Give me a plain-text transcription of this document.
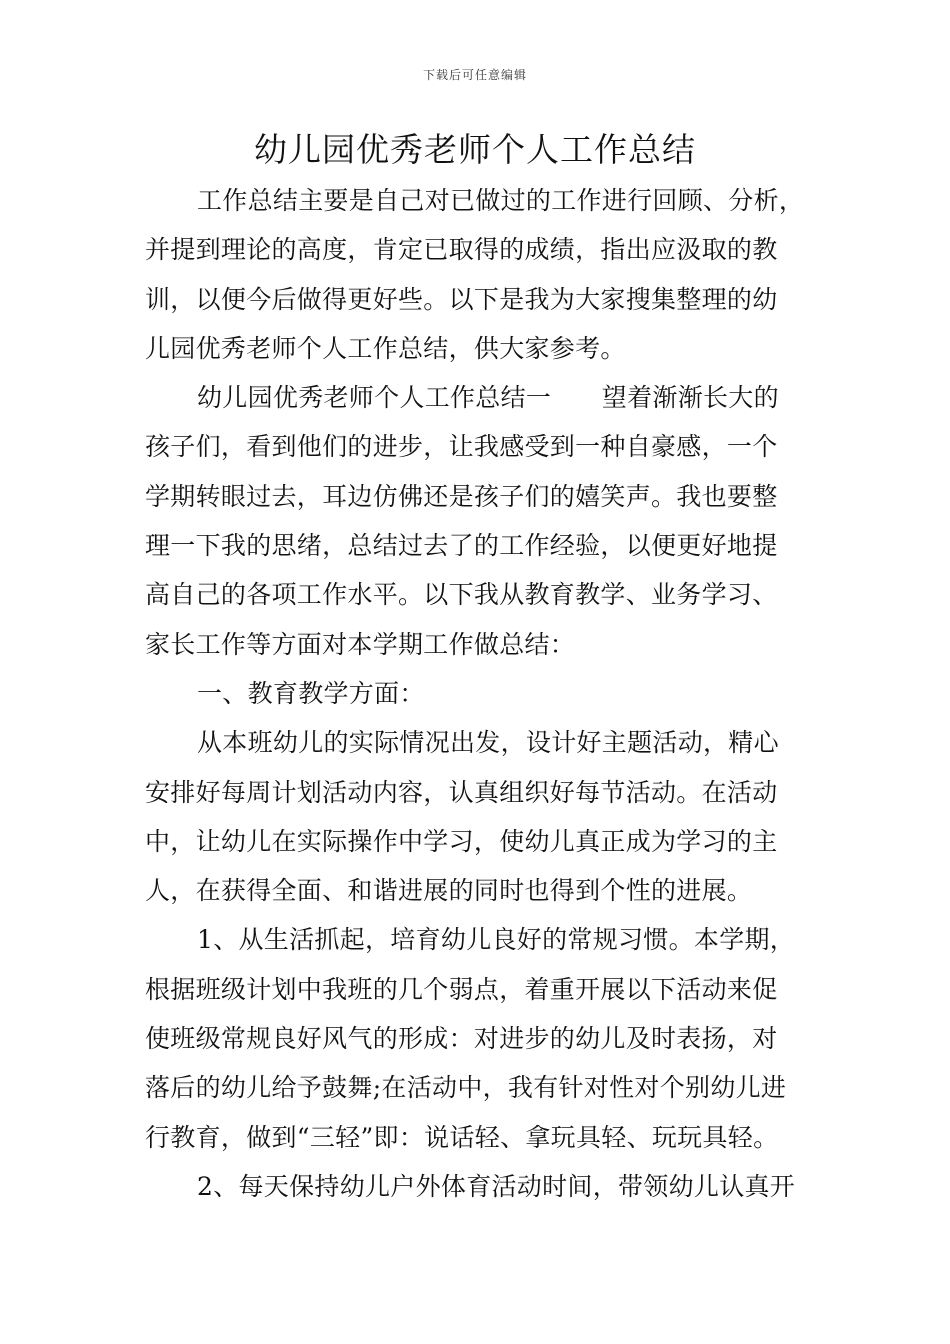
下载后可任意编辑
幼儿园优秀老师个人工作总结
工作总结主要是自己对已做过的工作进行回顾、分析，
并提到理论的高度，肯定已取得的成绩，指出应汲取的教
训，以便今后做得更好些。以下是我为大家搜集整理的幼
儿园优秀老师个人工作总结，供大家参考。
幼儿园优秀老师个人工作总结一　　望着渐渐长大的
孩子们，看到他们的进步，让我感受到一种自豪感，一个
学期转眼过去，耳边仿佛还是孩子们的嬉笑声。我也要整
理一下我的思绪，总结过去了的工作经验，以便更好地提
高自己的各项工作水平。以下我从教育教学、业务学习、
家长工作等方面对本学期工作做总结：
一、教育教学方面：
从本班幼儿的实际情况出发，设计好主题活动，精心
安排好每周计划活动内容，认真组织好每节活动。在活动
中，让幼儿在实际操作中学习，使幼儿真正成为学习的主
人，在获得全面、和谐进展的同时也得到个性的进展。
1、从生活抓起，培育幼儿良好的常规习惯。本学期，
根据班级计划中我班的几个弱点，着重开展以下活动来促
使班级常规良好风气的形成：对进步的幼儿及时表扬，对
落后的幼儿给予鼓舞;在活动中，我有针对性对个别幼儿进
行教育，做到“三轻”即：说话轻、拿玩具轻、玩玩具轻。
2、每天保持幼儿户外体育活动时间，带领幼儿认真开
